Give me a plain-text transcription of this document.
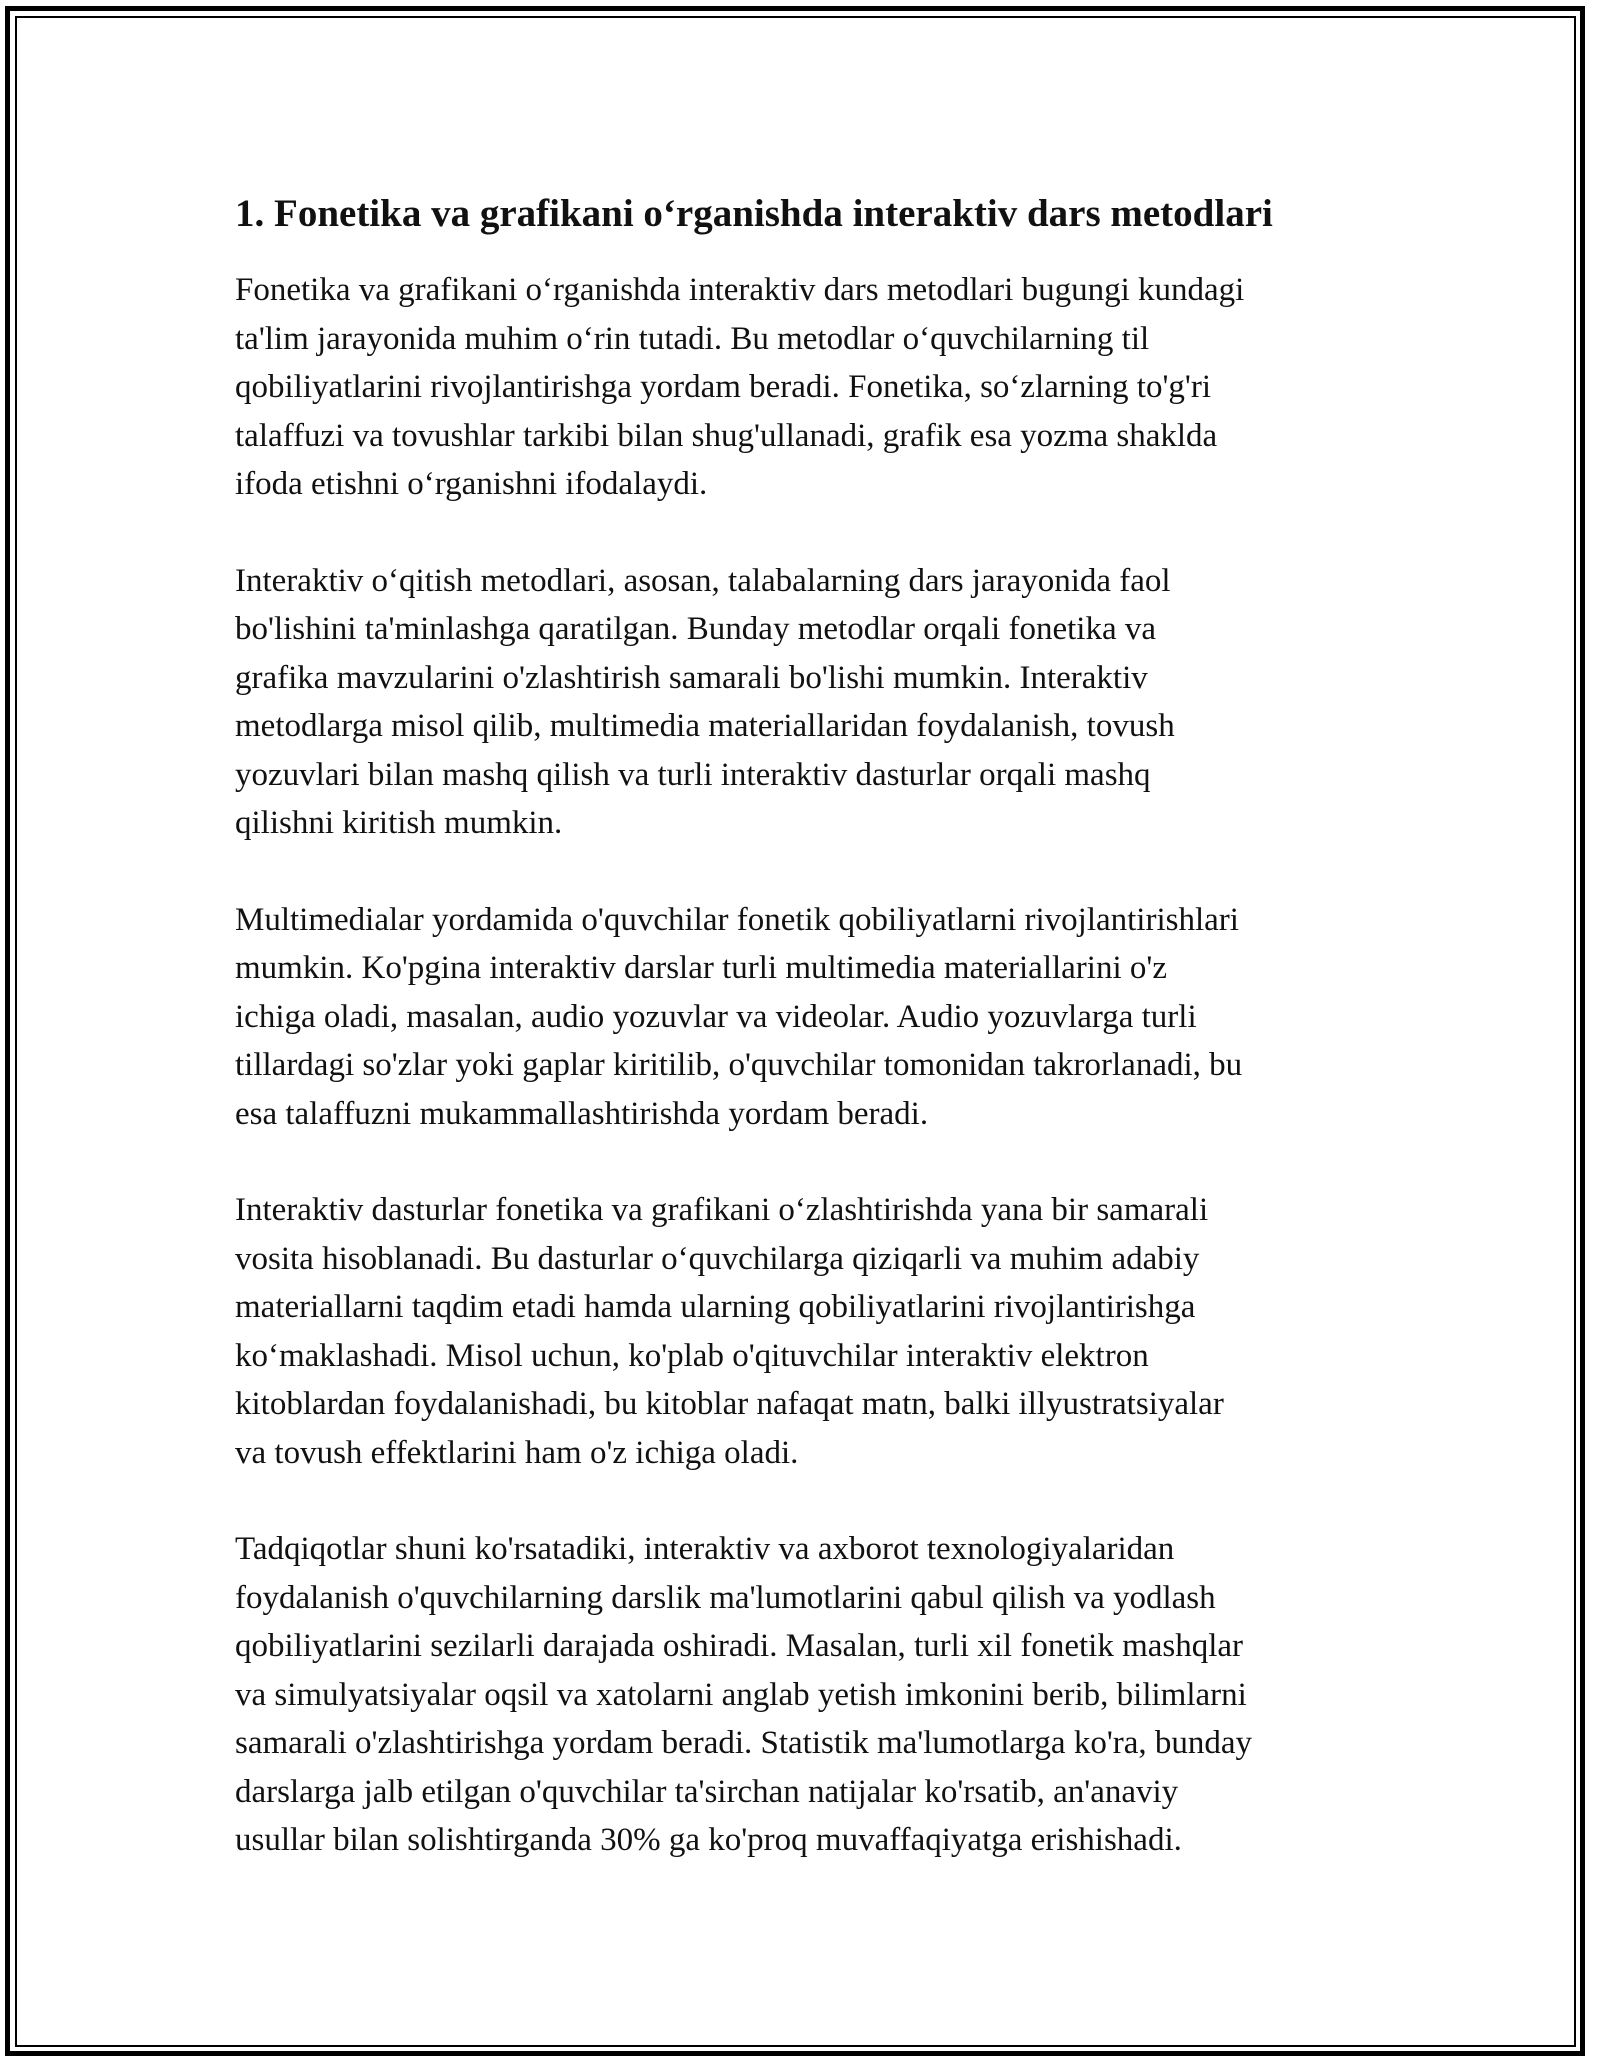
1. Fonetika va grafikani o‘rganishda interaktiv dars metodlari
Fonetika va grafikani o‘rganishda interaktiv dars metodlari bugungi kundagi
ta'lim jarayonida muhim o‘rin tutadi. Bu metodlar o‘quvchilarning til
qobiliyatlarini rivojlantirishga yordam beradi. Fonetika, so‘zlarning to'g'ri
talaffuzi va tovushlar tarkibi bilan shug'ullanadi, grafik esa yozma shaklda
ifoda etishni o‘rganishni ifodalaydi.
Interaktiv o‘qitish metodlari, asosan, talabalarning dars jarayonida faol
bo'lishini ta'minlashga qaratilgan. Bunday metodlar orqali fonetika va
grafika mavzularini o'zlashtirish samarali bo'lishi mumkin. Interaktiv
metodlarga misol qilib, multimedia materiallaridan foydalanish, tovush
yozuvlari bilan mashq qilish va turli interaktiv dasturlar orqali mashq
qilishni kiritish mumkin.
Multimedialar yordamida o'quvchilar fonetik qobiliyatlarni rivojlantirishlari
mumkin. Ko'pgina interaktiv darslar turli multimedia materiallarini o'z
ichiga oladi, masalan, audio yozuvlar va videolar. Audio yozuvlarga turli
tillardagi so'zlar yoki gaplar kiritilib, o'quvchilar tomonidan takrorlanadi, bu
esa talaffuzni mukammallashtirishda yordam beradi.
Interaktiv dasturlar fonetika va grafikani o‘zlashtirishda yana bir samarali
vosita hisoblanadi. Bu dasturlar o‘quvchilarga qiziqarli va muhim adabiy
materiallarni taqdim etadi hamda ularning qobiliyatlarini rivojlantirishga
ko‘maklashadi. Misol uchun, ko'plab o'qituvchilar interaktiv elektron
kitoblardan foydalanishadi, bu kitoblar nafaqat matn, balki illyustratsiyalar
va tovush effektlarini ham o'z ichiga oladi.
Tadqiqotlar shuni ko'rsatadiki, interaktiv va axborot texnologiyalaridan
foydalanish o'quvchilarning darslik ma'lumotlarini qabul qilish va yodlash
qobiliyatlarini sezilarli darajada oshiradi. Masalan, turli xil fonetik mashqlar
va simulyatsiyalar oqsil va xatolarni anglab yetish imkonini berib, bilimlarni
samarali o'zlashtirishga yordam beradi. Statistik ma'lumotlarga ko'ra, bunday
darslarga jalb etilgan o'quvchilar ta'sirchan natijalar ko'rsatib, an'anaviy
usullar bilan solishtirganda 30% ga ko'proq muvaffaqiyatga erishishadi.
